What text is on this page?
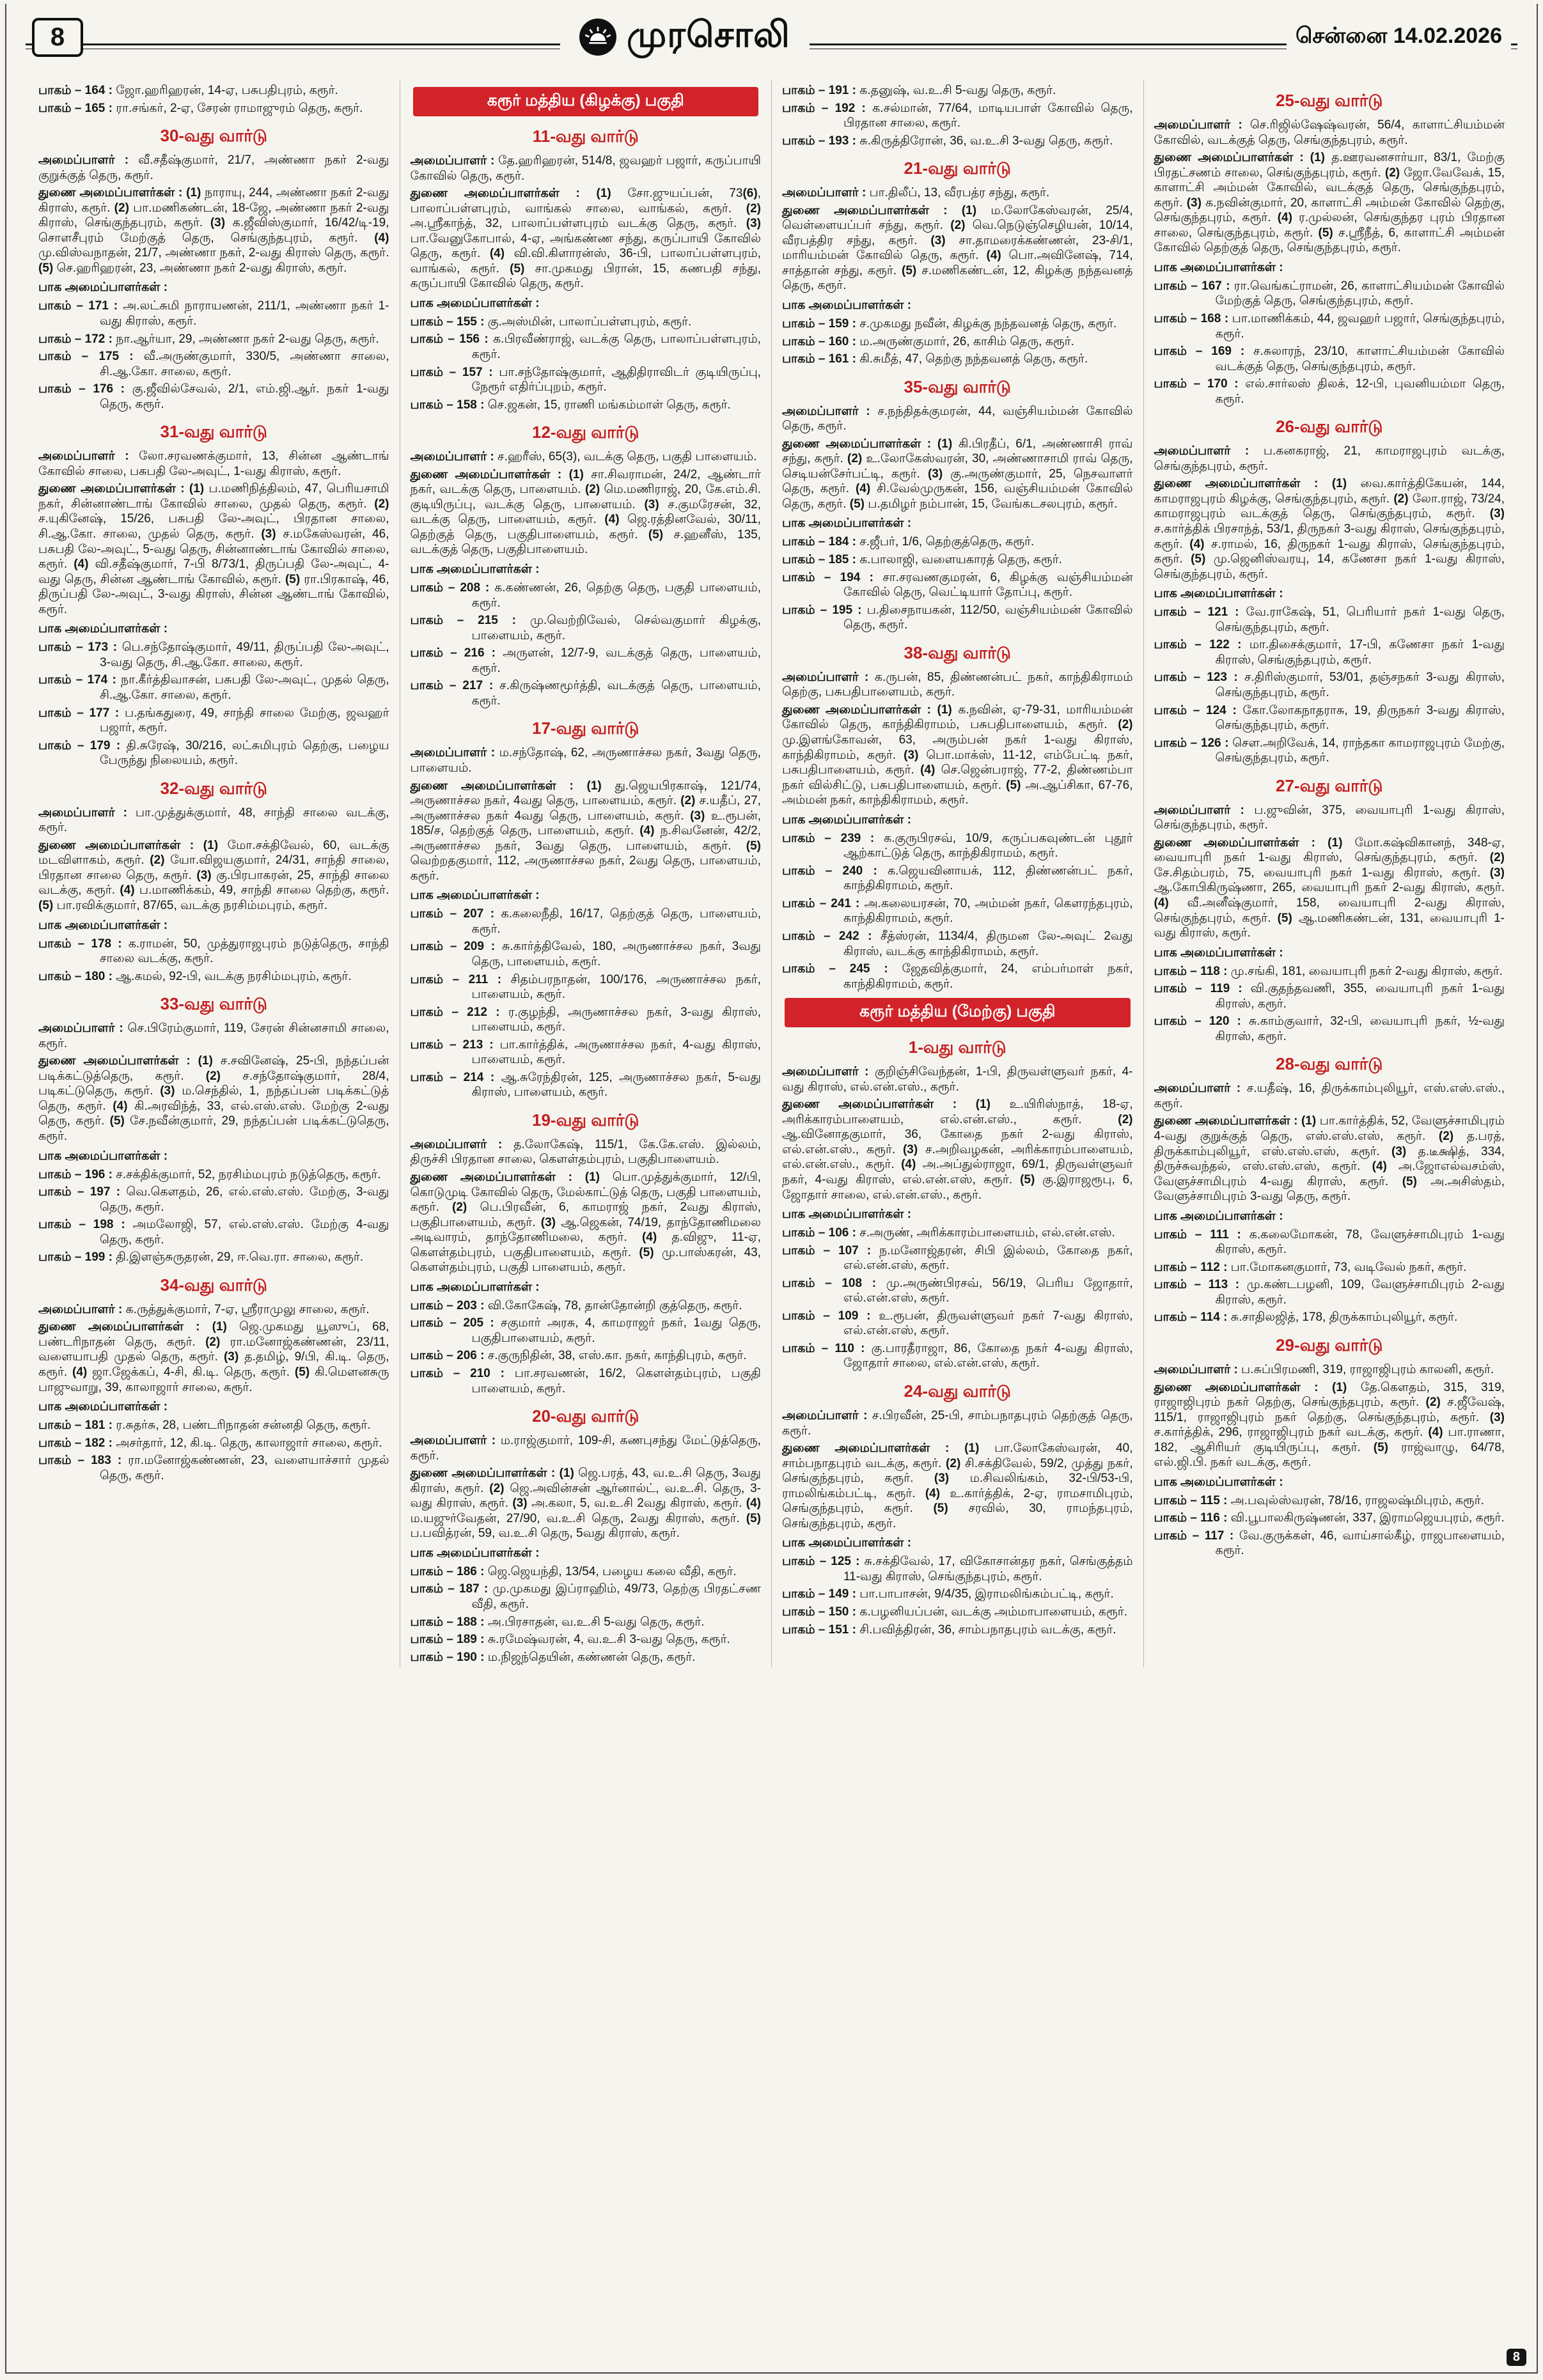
8	முரசொலி	சென்னை 14.02.2026

பாகம் – 164 : ஜோ.ஹரிஹரன், 14-ஏ, பசுபதிபுரம், கரூர்.

பாகம் – 165 : ரா.சங்கர், 2-ஏ, சேரன் ராமாஜுரம் தெரு, கரூர்.

30-வது வார்டு

அமைப்பாளர் : வீ.சதீஷ்குமார், 21/7, அண்ணா நகர் 2-வது குறுக்குத் தெரு, கரூர்.

துணை அமைப்பாளர்கள் : (1) நாராயு, 244, அண்ணா நகர் 2-வது கிராஸ், கரூர். (2) பா.மணிகண்டன், 18-ஜே, அண்ணா நகர் 2-வது கிராஸ், செங்குந்தபுரம், கரூர். (3) க.ஜீவிஸ்குமார், 16/42/டி-19, சொளசீபுரம் மேற்குத் தெரு, செங்குந்தபுரம், கரூர். (4) மு.விஸ்வநாதன், 21/7, அண்ணா நகர், 2-வது கிராஸ் தெரு, கரூர். (5) செ.ஹரிஹரன், 23, அண்ணா நகர் 2-வது கிராஸ், கரூர்.

பாக அமைப்பாளர்கள் :

பாகம் – 171 : அ.லட்சுமி நாராயணன், 211/1, அண்ணா நகர் 1-வது கிராஸ், கரூர்.

பாகம் – 172 : நா.ஆர்யா, 29, அண்ணா நகர் 2-வது தெரு, கரூர்.

பாகம் – 175 : வீ.அருண்குமார், 330/5, அண்ணா சாலை, சி.ஆ.கோ. சாலை, கரூர்.

பாகம் – 176 : கு.ஜீவில்சேவல், 2/1, எம்.ஜி.ஆர். நகர் 1-வது தெரு, கரூர்.

31-வது வார்டு

அமைப்பாளர் : லோ.சரவணக்குமார், 13, சின்ன ஆண்டாங் கோவில் சாலை, பசுபதி லே-அவுட், 1-வது கிராஸ், கரூர்.

துணை அமைப்பாளர்கள் : (1) ப.மணிநித்திலம், 47, பெரியசாமி நகர், சின்னாண்டாங் கோவில் சாலை, முதல் தெரு, கரூர். (2) ச.யுகினேஷ், 15/26, பசுபதி லே-அவுட், பிரதான சாலை, சி.ஆ.கோ. சாலை, முதல் தெரு, கரூர். (3) ச.மகேஸ்வரன், 46, பசுபதி லே-அவுட், 5-வது தெரு, சின்னாண்டாங் கோவில் சாலை, கரூர். (4) வி.சதீஷ்குமார், 7-பி 8/73/1, திருப்பதி லே-அவுட், 4-வது தெரு, சின்ன ஆண்டாங் கோவில், கரூர். (5) ரா.பிரகாஷ், 46, திருப்பதி லே-அவுட், 3-வது கிராஸ், சின்ன ஆண்டாங் கோவில், கரூர்.

பாக அமைப்பாளர்கள் :

பாகம் – 173 : பெ.சந்தோஷ்குமார், 49/11, திருப்பதி லே-அவுட், 3-வது தெரு, சி.ஆ.கோ. சாலை, கரூர்.

பாகம் – 174 : நா.கீர்த்திவாசன், பசுபதி லே-அவுட், முதல் தெரு, சி.ஆ.கோ. சாலை, கரூர்.

பாகம் – 177 : ப.தங்கதுரை, 49, சாந்தி சாலை மேற்கு, ஜவஹர் பஜார், கரூர்.

பாகம் – 179 : தி.சுரேஷ், 30/216, லட்சுமிபுரம் தெற்கு, பழைய பேருந்து நிலையம், கரூர்.

32-வது வார்டு

அமைப்பாளர் : பா.முத்துக்குமார், 48, சாந்தி சாலை வடக்கு, கரூர்.

துணை அமைப்பாளர்கள் : (1) மோ.சக்திவேல், 60, வடக்கு மடவிளாகம், கரூர். (2) யோ.விஜயகுமார், 24/31, சாந்தி சாலை, பிரதான சாலை தெரு, கரூர். (3) கு.பிரபாகரன், 25, சாந்தி சாலை வடக்கு, கரூர். (4) ப.மாணிக்கம், 49, சாந்தி சாலை தெற்கு, கரூர். (5) பா.ரவிக்குமார், 87/65, வடக்கு நரசிம்மபுரம், கரூர்.

பாக அமைப்பாளர்கள் :

பாகம் – 178 : க.ராமன், 50, முத்துராஜபுரம் நடுத்தெரு, சாந்தி சாலை வடக்கு, கரூர்.

பாகம் – 180 : ஆ.கமல், 92-பி, வடக்கு நரசிம்மபுரம், கரூர்.

33-வது வார்டு

அமைப்பாளர் : செ.பிரேம்குமார், 119, சேரன் சின்னசாமி சாலை, கரூர்.

துணை அமைப்பாளர்கள் : (1) ச.சவினேஷ், 25-பி, நந்தப்பன் படிக்கட்டுத்தெரு, கரூர். (2) ச.சந்தோஷ்குமார், 28/4, படிகட்டுதெரு, கரூர். (3) ம.செந்தில், 1, நந்தப்பன் படிக்கட்டுத் தெரு, கரூர். (4) கி.அரவிந்த், 33, எல்.எஸ்.எஸ். மேற்கு 2-வது தெரு, கரூர். (5) சே.நவீன்குமார், 29, நந்தப்பன் படிக்கட்டுதெரு, கரூர்.

பாக அமைப்பாளர்கள் :

பாகம் – 196 : ச.சக்திக்குமார், 52, நரசிம்மபுரம் நடுத்தெரு, கரூர்.

பாகம் – 197 : வெ.கௌதம், 26, எல்.எஸ்.எஸ். மேற்கு, 3-வது தெரு, கரூர்.

பாகம் – 198 : அமலோஜி, 57, எல்.எஸ்.எஸ். மேற்கு 4-வது தெரு, கரூர்.

பாகம் – 199 : தி.இளஞ்சுருதரன், 29, ஈ.வெ.ரா. சாலை, கரூர்.

34-வது வார்டு

அமைப்பாளர் : க.ருத்துக்குமார், 7-ஏ, ஸ்ரீராமுலு சாலை, கரூர்.

துணை அமைப்பாளர்கள் : (1) ஜெ.முகமது யூஸுப், 68, பண்டரிநாதன் தெரு, கரூர். (2) ரா.மனோஜ்கண்ணன், 23/11, வளையாபதி முதல் தெரு, கரூர். (3) த.தமிழ், 9/பி, கி.டி. தெரு, கரூர். (4) ஜா.ஜேக்கப், 4-சி, கி.டி. தெரு, கரூர். (5) கி.மௌனசுரு பாஜுவாறு, 39, காலாஜார் சாலை, கரூர்.

பாக அமைப்பாளர்கள் :

பாகம் – 181 : ர.சுதர்சு, 28, பண்டரிநாதன் சன்னதி தெரு, கரூர்.

பாகம் – 182 : அசர்தார், 12, கி.டி. தெரு, காலாஜார் சாலை, கரூர்.

பாகம் – 183 : ரா.மனோஜ்கண்ணன், 23, வளையாச்சார் முதல் தெரு, கரூர்.

கரூர் மத்திய (கிழக்கு) பகுதி
11-வது வார்டு

அமைப்பாளர் : தே.ஹரிஹரன், 514/8, ஜவஹர் பஜார், கருப்பாயி கோவில் தெரு, கரூர்.

துணை அமைப்பாளர்கள் : (1) சோ.ஜுயப்பன், 73(6), பாலாப்பள்ளபுரம், வாங்கல் சாலை, வாங்கல், கரூர். (2) அ.ஸ்ரீகாந்த், 32, பாலாப்பள்ளபுரம் வடக்கு தெரு, கரூர். (3) பா.வேனுகோபால், 4-ஏ, அங்கண்ண சந்து, கருப்பாயி கோவில் தெரு, கரூர். (4) வி.வி.கிளாரன்ஸ், 36-பி, பாலாப்பள்ளபுரம், வாங்கல், கரூர். (5) சா.முகமது பிரான், 15, கணபதி சந்து, கருப்பாயி கோவில் தெரு, கரூர்.

பாக அமைப்பாளர்கள் :

பாகம் – 155 : கு.அஸ்மின், பாலாப்பள்ளபுரம், கரூர்.

பாகம் – 156 : க.பிரவீண்ராஜ், வடக்கு தெரு, பாலாப்பள்ளபுரம், கரூர்.

பாகம் – 157 : பா.சந்தோஷ்குமார், ஆதிதிராவிடர் குடியிருப்பு, நேரூர் எதிர்ப்புறம், கரூர்.

பாகம் – 158 : செ.ஜகன், 15, ராணி மங்கம்மாள் தெரு, கரூர்.

12-வது வார்டு

அமைப்பாளர் : ச.ஹரீஸ், 65(3), வடக்கு தெரு, பகுதி பாளையம்.

துணை அமைப்பாளர்கள் : (1) சா.சிவராமன், 24/2, ஆண்டார் நகர், வடக்கு தெரு, பாளையம். (2) மெ.மணிராஜ், 20, கே.எம்.சி. குடியிருப்பு, வடக்கு தெரு, பாளையம். (3) ச.குமரேசன், 32, வடக்கு தெரு, பாளையம், கரூர். (4) ஜெ.ரத்தினவேல், 30/11, தெற்குத் தெரு, பகுதிபாளையம், கரூர். (5) ச.ஹனீஸ், 135, வடக்குத் தெரு, பகுதிபாளையம்.

பாக அமைப்பாளர்கள் :

பாகம் – 208 : க.கண்ணன், 26, தெற்கு தெரு, பகுதி பாளையம், கரூர்.

பாகம் – 215 : மு.வெற்றிவேல், செல்வகுமார் கிழக்கு, பாளையம், கரூர்.

பாகம் – 216 : அருளன், 12/7-9, வடக்குத் தெரு, பாளையம், கரூர்.

பாகம் – 217 : ச.கிருஷ்ணமூர்த்தி, வடக்குத் தெரு, பாளையம், கரூர்.

17-வது வார்டு

அமைப்பாளர் : ம.சந்தோஷ், 62, அருணாச்சல நகர், 3வது தெரு, பாளையம்.

துணை அமைப்பாளர்கள் : (1) து.ஜெயபிரகாஷ், 121/74, அருணாச்சல நகர், 4வது தெரு, பாளையம், கரூர். (2) ச.யதீப், 27, அருணாச்சல நகர் 4வது தெரு, பாளையம், கரூர். (3) உ.ரூபன், 185/ச, தெற்குத் தெரு, பாளையம், கரூர். (4) ந.சிவனேன், 42/2, அருணாச்சல நகர், 3வது தெரு, பாளையம், கரூர். (5) வெற்றதகுமார், 112, அருணாச்சல நகர், 2வது தெரு, பாளையம், கரூர்.

பாக அமைப்பாளர்கள் :

பாகம் – 207 : க.கலைநீதி, 16/17, தெற்குத் தெரு, பாளையம், கரூர்.

பாகம் – 209 : சு.கார்த்திவேல், 180, அருணாச்சல நகர், 3வது தெரு, பாளையம், கரூர்.

பாகம் – 211 : சிதம்பரநாதன், 100/176, அருணாச்சல நகர், பாளையம், கரூர்.

பாகம் – 212 : ர.குழந்தி, அருணாச்சல நகர், 3-வது கிராஸ், பாளையம், கரூர்.

பாகம் – 213 : பா.கார்த்திக், அருணாச்சல நகர், 4-வது கிராஸ், பாளையம், கரூர்.

பாகம் – 214 : ஆ.சுரேந்திரன், 125, அருணாச்சல நகர், 5-வது கிராஸ், பாளையம், கரூர்.

19-வது வார்டு

அமைப்பாளர் : த.லோகேஷ், 115/1, கே.கே.எஸ். இல்லம், திருச்சி பிரதான சாலை, கௌள்தம்புரம், பகுதிபாளையம்.

துணை அமைப்பாளர்கள் : (1) பொ.முத்துக்குமார், 12/பி, கொடுமுடி கோவில் தெரு, மேல்காட்டுத் தெரு, பகுதி பாளையம், கரூர். (2) பெ.பிரவீன், 6, காமராஜ் நகர், 2வது கிராஸ், பகுதிபாளையம், கரூர். (3) ஆ.ஜெகன், 74/19, தாந்தோணிமலை அடிவாரம், தாந்தோணிமலை, கரூர். (4) த.விஜு, 11-ஏ, கௌள்தம்புரம், பகுதிபாளையம், கரூர். (5) மு.பாஸ்கரன், 43, கௌள்தம்புரம், பகுதி பாளையம், கரூர்.

பாக அமைப்பாளர்கள் :

பாகம் – 203 : வி.கோகேஷ், 78, தான்தோன்றி குத்தெரு, கரூர்.

பாகம் – 205 : சகுமார் அரசு, 4, காமராஜர் நகர், 1வது தெரு, பகுதிபாளையம், கரூர்.

பாகம் – 206 : ச.குருநிதின், 38, எஸ்.கா. நகர், காந்திபுரம், கரூர்.

பாகம் – 210 : பா.சரவணன், 16/2, கௌள்தம்புரம், பகுதி பாளையம், கரூர்.

20-வது வார்டு

அமைப்பாளர் : ம.ராஜ்குமார், 109-சி, கணபுசந்து மேட்டுத்தெரு, கரூர்.

துணை அமைப்பாளர்கள் : (1) ஜெ.பரத், 43, வ.உ.சி தெரு, 3வது கிராஸ், கரூர். (2) ஜெ.அவின்சன் ஆர்னால்ட், வ.உ.சி. தெரு, 3-வது கிராஸ், கரூர். (3) அ.கலா, 5, வ.உ.சி 2வது கிராஸ், கரூர். (4) ம.யஜுர்வேதன், 27/90, வ.உ.சி தெரு, 2வது கிராஸ், கரூர். (5) ப.பவித்ரன், 59, வ.உ.சி தெரு, 5வது கிராஸ், கரூர்.

பாக அமைப்பாளர்கள் :

பாகம் – 186 : ஜெ.ஜெயந்தி, 13/54, பழைய கலை வீதி, கரூர்.

பாகம் – 187 : மு.முகமது இப்ராஹிம், 49/73, தெற்கு பிரதட்சண வீதி, கரூர்.

பாகம் – 188 : அ.பிரசாதன், வ.உ.சி 5-வது தெரு, கரூர்.

பாகம் – 189 : சு.ரமேஷ்வரன், 4, வ.உ.சி 3-வது தெரு, கரூர்.

பாகம் – 190 : ம.நிஜந்தெயின், கண்ணன் தெரு, கரூர்.

பாகம் – 191 : க.தனுஷ், வ.உ.சி 5-வது தெரு, கரூர்.

பாகம் – 192 : க.சல்மான், 77/64, மாடியபாள் கோவில் தெரு, பிரதான சாலை, கரூர்.

பாகம் – 193 : சு.கிருத்திரோன், 36, வ.உ.சி 3-வது தெரு, கரூர்.

21-வது வார்டு

அமைப்பாளர் : பா.திலீப், 13, வீரபத்ர சந்து, கரூர்.

துணை அமைப்பாளர்கள் : (1) ம.லோகேஸ்வரன், 25/4, வெள்ளையப்பர் சந்து, கரூர். (2) வெ.நெடுஞ்செழியன், 10/14, வீரபத்திர சந்து, கரூர். (3) சா.தாமரைக்கண்ணன், 23-சி/1, மாரியம்மன் கோவில் தெரு, கரூர். (4) பொ.அவினேஷ், 714, சாத்தான் சந்து, கரூர். (5) ச.மணிகண்டன், 12, கிழக்கு நந்தவனத் தெரு, கரூர்.

பாக அமைப்பாளர்கள் :

பாகம் – 159 : ச.முகமது நவீன், கிழக்கு நந்தவனத் தெரு, கரூர்.

பாகம் – 160 : ம.அருண்குமார், 26, காசிம் தெரு, கரூர்.

பாகம் – 161 : கி.சுமீத், 47, தெற்கு நந்தவனத் தெரு, கரூர்.

35-வது வார்டு

அமைப்பாளர் : ச.நந்திதக்குமரன், 44, வஞ்சியம்மன் கோவில் தெரு, கரூர்.

துணை அமைப்பாளர்கள் : (1) கி.பிரதீப், 6/1, அண்ணாசி ராவ் சந்து, கரூர். (2) உ.லோகேஸ்வரன், 30, அண்ணாசாமி ராவ் தெரு, செடியன்சேர்பட்டி, கரூர். (3) கு.அருண்குமார், 25, நெசவாளர் தெரு, கரூர். (4) சி.வேல்முருகன், 156, வஞ்சியம்மன் கோவில் தெரு, கரூர். (5) ப.தமிழர் நம்பான், 15, வேங்கடசலபுரம், கரூர்.

பாக அமைப்பாளர்கள் :

பாகம் – 184 : ச.ஜீபர், 1/6, தெற்குத்தெரு, கரூர்.

பாகம் – 185 : க.பாலாஜி, வளையகாரத் தெரு, கரூர்.

பாகம் – 194 : சா.சரவணகுமரன், 6, கிழக்கு வஞ்சியம்மன் கோவில் தெரு, வெட்டியார் தோப்பு, கரூர்.

பாகம் – 195 : ப.திசைநாயகன், 112/50, வஞ்சியம்மன் கோவில் தெரு, கரூர்.

38-வது வார்டு

அமைப்பாளர் : க.ருபன், 85, திண்ணன்பட் நகர், காந்திகிராமம் தெற்கு, பசுபதிபாளையம், கரூர்.

துணை அமைப்பாளர்கள் : (1) க.நவின், ஏ-79-31, மாரியம்மன் கோவில் தெரு, காந்திகிராமம், பசுபதிபாளையம், கரூர். (2) மு.இளங்கோவன், 63, அரும்பன் நகர் 1-வது கிராஸ், காந்திகிராமம், கரூர். (3) பொ.மாக்ஸ், 11-12, எம்பேட்டி நகர், பசுபதிபாளையம், கரூர். (4) செ.ஜென்பராஜ், 77-2, திண்ணம்பா நகர் வில்சிட்டு, பசுபதிபாளையம், கரூர். (5) அ.ஆப்சிகா, 67-76, அம்மன் நகர், காந்திகிராமம், கரூர்.

பாக அமைப்பாளர்கள் :

பாகம் – 239 : க.குருபிரசவ், 10/9, கருப்பகவுண்டன் புதூர் ஆற்காட்டுத் தெரு, காந்திகிராமம், கரூர்.

பாகம் – 240 : க.ஜெயவினாயக், 112, திண்ணன்பட் நகர், காந்திகிராமம், கரூர்.

பாகம் – 241 : அ.கலையரசன், 70, அம்மன் நகர், கௌரந்தபுரம், காந்திகிராமம், கரூர்.

பாகம் – 242 : சீத்ஸ்ரன், 1134/4, திருமன லே-அவுட் 2வது கிராஸ், வடக்கு காந்திகிராமம், கரூர்.

பாகம் – 245 : ஜேதவித்குமார், 24, எம்பர்மாள் நகர், காந்திகிராமம், கரூர்.

கரூர் மத்திய (மேற்கு) பகுதி
1-வது வார்டு

அமைப்பாளர் : குறிஞ்சிவேந்தன், 1-பி, திருவள்ளுவர் நகர், 4-வது கிராஸ், எல்.என்.எஸ்., கரூர்.

துணை அமைப்பாளர்கள் : (1) உ.யிரிஸ்நாத், 18-ஏ, அரிக்காரம்பாளையம், எல்.என்.எஸ்., கரூர். (2) ஆ.வினோதகுமார், 36, கோதை நகர் 2-வது கிராஸ், எல்.என்.எஸ்., கரூர். (3) ச.அறிவழகன், அரிக்காரம்பாளையம், எல்.என்.எஸ்., கரூர். (4) அ.அப்துல்ராஜா, 69/1, திருவள்ளுவர் நகர், 4-வது கிராஸ், எல்.என்.எஸ், கரூர். (5) கு.இராஜரூபு, 6, ஜோதார் சாலை, எல்.என்.எஸ்., கரூர்.

பாக அமைப்பாளர்கள் :

பாகம் – 106 : ச.அருண், அரிக்காரம்பாளையம், எல்.என்.எஸ்.

பாகம் – 107 : ந.மனோஜ்தரன், சிபி இல்லம், கோதை நகர், எல்.என்.எஸ், கரூர்.

பாகம் – 108 : மு.அருண்பிரசவ், 56/19, பெரிய ஜோதார், எல்.என்.எஸ், கரூர்.

பாகம் – 109 : உ.ரூபன், திருவள்ளுவர் நகர் 7-வது கிராஸ், எல்.என்.எஸ், கரூர்.

பாகம் – 110 : கு.பாரதீராஜா, 86, கோதை நகர் 4-வது கிராஸ், ஜோதார் சாலை, எல்.என்.எஸ், கரூர்.

24-வது வார்டு

அமைப்பாளர் : ச.பிரவீன், 25-பி, சாம்பநாதபுரம் தெற்குத் தெரு, கரூர்.

துணை அமைப்பாளர்கள் : (1) பா.லோகேஸ்வரன், 40, சாம்பநாதபுரம் வடக்கு, கரூர். (2) சி.சக்திவேல், 59/2, முத்து நகர், செங்குந்தபுரம், கரூர். (3) ம.சிவலிங்கம், 32-பி/53-பி, ராமலிங்கம்பட்டி, கரூர். (4) உ.கார்த்திக், 2-ஏ, ராமசாமிபுரம், செங்குந்தபுரம், கரூர். (5) சரவில், 30, ராமந்தபுரம், செங்குந்தபுரம், கரூர்.

பாக அமைப்பாளர்கள் :

பாகம் – 125 : சு.சக்திவேல், 17, விகோசான்தர நகர், செங்குத்தம் 11-வது கிராஸ், செங்குந்தபுரம், கரூர்.

பாகம் – 149 : பா.பாபாசன், 9/4/35, இராமலிங்கம்பட்டி, கரூர்.

பாகம் – 150 : க.பழனியப்பன், வடக்கு அம்மாபாளையம், கரூர்.

பாகம் – 151 : சி.பவித்திரன், 36, சாம்பநாதபுரம் வடக்கு, கரூர்.

25-வது வார்டு

அமைப்பாளர் : செ.ரிஜில்ஷேஷ்வரன், 56/4, காளாட்சியம்மன் கோவில், வடக்குத் தெரு, செங்குந்தபுரம், கரூர்.

துணை அமைப்பாளர்கள் : (1) த.ஊரவனசார்யா, 83/1, மேற்கு பிரதட்சணம் சாலை, செங்குந்தபுரம், கரூர். (2) ஜோ.வேவேக், 15, காளாட்சி அம்மன் கோவில், வடக்குத் தெரு, செங்குந்தபுரம், கரூர். (3) க.நவின்குமார், 20, காளாட்சி அம்மன் கோவில் தெற்கு, செங்குந்தபுரம், கரூர். (4) ர.முல்லன், செங்குந்தர புரம் பிரதான சாலை, செங்குந்தபுரம், கரூர். (5) ச.ஸ்ரீநீத், 6, காளாட்சி அம்மன் கோவில் தெற்குத் தெரு, செங்குந்தபுரம், கரூர்.

பாக அமைப்பாளர்கள் :

பாகம் – 167 : ரா.வெங்கட்ராமன், 26, காளாட்சியம்மன் கோவில் மேற்குத் தெரு, செங்குந்தபுரம், கரூர்.

பாகம் – 168 : பா.மாணிக்கம், 44, ஜவஹர் பஜார், செங்குந்தபுரம், கரூர்.

பாகம் – 169 : ச.சுலாரந், 23/10, காளாட்சியம்மன் கோவில் வடக்குத் தெரு, செங்குந்தபுரம், கரூர்.

பாகம் – 170 : எல்.சார்லஸ் திலக், 12-பி, புவனியம்மா தெரு, கரூர்.

26-வது வார்டு

அமைப்பாளர் : ப.கனகராஜ், 21, காமராஜபுரம் வடக்கு, செங்குந்தபுரம், கரூர்.

துணை அமைப்பாளர்கள் : (1) வை.கார்த்திகேயன், 144, காமராஜபுரம் கிழக்கு, செங்குந்தபுரம், கரூர். (2) லோ.ராஜ், 73/24, காமராஜபுரம் வடக்குத் தெரு, செங்குந்தபுரம், கரூர். (3) ச.கார்த்திக் பிரசாந்த், 53/1, திருநகர் 3-வது கிராஸ், செங்குந்தபுரம், கரூர். (4) ச.ராமல், 16, திருநகர் 1-வது கிராஸ், செங்குந்தபுரம், கரூர். (5) மு.ஜெனிஸ்வரயு, 14, கணேசா நகர் 1-வது கிராஸ், செங்குந்தபுரம், கரூர்.

பாக அமைப்பாளர்கள் :

பாகம் – 121 : வே.ராகேஷ், 51, பெரியார் நகர் 1-வது தெரு, செங்குந்தபுரம், கரூர்.

பாகம் – 122 : மா.திசைக்குமார், 17-பி, கணேசா நகர் 1-வது கிராஸ், செங்குந்தபுரம், கரூர்.

பாகம் – 123 : ச.திரிஸ்குமார், 53/01, தஞ்சநகர் 3-வது கிராஸ், செங்குந்தபுரம், கரூர்.

பாகம் – 124 : கோ.லோகநாதராசு, 19, திருநகர் 3-வது கிராஸ், செங்குந்தபுரம், கரூர்.

பாகம் – 126 : சௌ.அறிவேக், 14, ராந்தகா காமராஜபுரம் மேற்கு, செங்குந்தபுரம், கரூர்.

27-வது வார்டு

அமைப்பாளர் : ப.ஜுவின், 375, வையாபுரி 1-வது கிராஸ், செங்குந்தபுரம், கரூர்.

துணை அமைப்பாளர்கள் : (1) மோ.கஷ்விகானந், 348-ஏ, வையாபுரி நகர் 1-வது கிராஸ், செங்குந்தபுரம், கரூர். (2) சே.சிதம்பரம், 75, வையாபுரி நகர் 1-வது கிராஸ், கரூர். (3) ஆ.கோபிகிருஷ்ணா, 265, வையாபுரி நகர் 2-வது கிராஸ், கரூர். (4) வீ.அனீஷ்குமார், 158, வையாபுரி 2-வது கிராஸ், செங்குந்தபுரம், கரூர். (5) ஆ.மணிகண்டன், 131, வையாபுரி 1-வது கிராஸ், கரூர்.

பாக அமைப்பாளர்கள் :

பாகம் – 118 : மு.சங்கி, 181, வையாபுரி நகர் 2-வது கிராஸ், கரூர்.

பாகம் – 119 : வி.குதந்தவணி, 355, வையாபுரி நகர் 1-வது கிராஸ், கரூர்.

பாகம் – 120 : சு.காம்குவார், 32-பி, வையாபுரி நகர், ½-வது கிராஸ், கரூர்.

28-வது வார்டு

அமைப்பாளர் : ச.யதீஷ், 16, திருக்காம்புலியூர், எஸ்.எஸ்.எஸ்., கரூர்.

துணை அமைப்பாளர்கள் : (1) பா.கார்த்திக், 52, வேளுச்சாமிபுரம் 4-வது குறுக்குத் தெரு, எஸ்.எஸ்.எஸ், கரூர். (2) த.பரத், திருக்காம்புலியூர், எஸ்.எஸ்.எஸ், கரூர். (3) த.டீக்ஷித், 334, திருச்சுவந்தல், எஸ்.எஸ்.எஸ், கரூர். (4) அ.ஜோஎல்வசம்ஸ், வேளுச்சாமிபுரம் 4-வது கிராஸ், கரூர். (5) அ.அசிஸ்தம், வேளுச்சாமிபுரம் 3-வது தெரு, கரூர்.

பாக அமைப்பாளர்கள் :

பாகம் – 111 : க.கலைமோகன், 78, வேளுச்சாமிபுரம் 1-வது கிராஸ், கரூர்.

பாகம் – 112 : பா.மோகனகுமார், 73, வடிவேல் நகர், கரூர்.

பாகம் – 113 : மு.கண்டபழனி, 109, வேளுச்சாமிபுரம் 2-வது கிராஸ், கரூர்.

பாகம் – 114 : சு.சாதிலஜித், 178, திருக்காம்புலியூர், கரூர்.

29-வது வார்டு

அமைப்பாளர் : ப.சுப்பிரமணி, 319, ராஜாஜிபுரம் காலனி, கரூர்.

துணை அமைப்பாளர்கள் : (1) தே.கௌதம், 315, 319, ராஜாஜிபுரம் நகர் தெற்கு, செங்குந்தபுரம், கரூர். (2) ச.ஜீவேஷ், 115/1, ராஜாஜிபுரம் நகர் தெற்கு, செங்குந்தபுரம், கரூர். (3) ச.கார்த்திக், 296, ராஜாஜிபுரம் நகர் வடக்கு, கரூர். (4) பா.ராணா, 182, ஆசிரியர் குடியிருப்பு, கரூர். (5) ராஜ்வாழு, 64/78, எல்.ஜி.பி. நகர் வடக்கு, கரூர்.

பாக அமைப்பாளர்கள் :

பாகம் – 115 : அ.பவுல்ஸ்வரன், 78/16, ராஜலஷ்மிபுரம், கரூர்.

பாகம் – 116 : வி.பூபாலகிருஷ்ணன், 337, இராமஜெயபுரம், கரூர்.

பாகம் – 117 : வே.குருக்கள், 46, வாய்சால்கீழ், ராஜபாளையம், கரூர்.

8
